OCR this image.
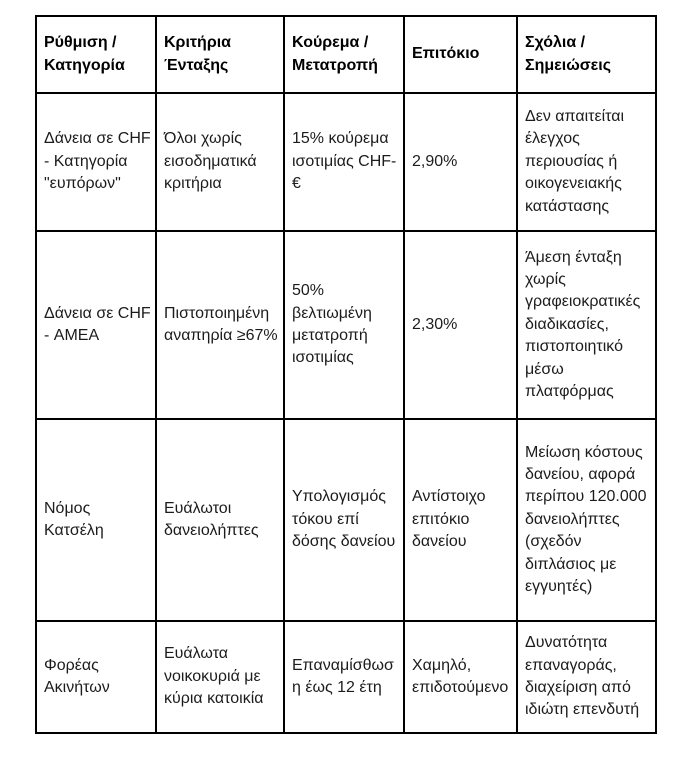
Ρύθμιση / Κατηγορία	Κριτήρια Ένταξης	Κούρεμα / Μετατροπή	Επιτόκιο	Σχόλια / Σημειώσεις
Δάνεια σε CHF - Κατηγορία "ευπόρων"	Όλοι χωρίς εισοδηματικά κριτήρια	15% κούρεμα ισοτιμίας CHF-€	2,90%	Δεν απαιτείται έλεγχος περιουσίας ή οικογενειακής κατάστασης
Δάνεια σε CHF - ΑΜΕΑ	Πιστοποιημένη αναπηρία ≥67%	50% βελτιωμένη μετατροπή ισοτιμίας	2,30%	Άμεση ένταξη χωρίς γραφειοκρατικές διαδικασίες, πιστοποιητικό μέσω πλατφόρμας
Νόμος Κατσέλη	Ευάλωτοι δανειολήπτες	Υπολογισμός τόκου επί δόσης δανείου	Αντίστοιχο επιτόκιο δανείου	Μείωση κόστους δανείου, αφορά περίπου 120.000 δανειολήπτες (σχεδόν διπλάσιος με εγγυητές)
Φορέας Ακινήτων	Ευάλωτα νοικοκυριά με κύρια κατοικία	Επαναμίσθωση έως 12 έτη	Χαμηλό, επιδοτούμενο	Δυνατότητα επαναγοράς, διαχείριση από ιδιώτη επενδυτή
